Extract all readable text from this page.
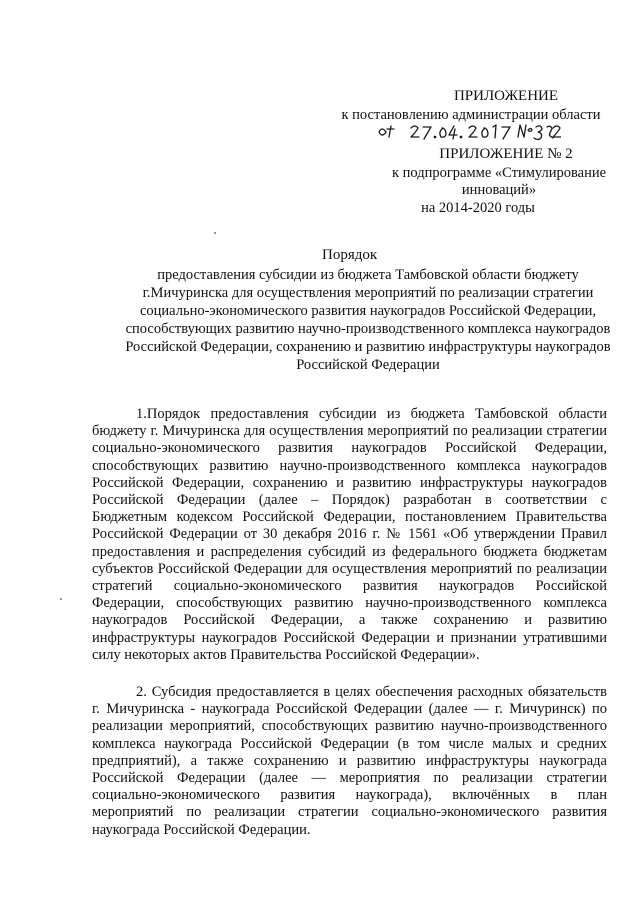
ПРИЛОЖЕНИЕ
к постановлению администрации области
ПРИЛОЖЕНИЕ № 2
к подпрограмме «Стимулирование инноваций»
на 2014-2020 годы
Порядок
предоставления субсидии из бюджета Тамбовской области бюджету г.Мичуринска для осуществления мероприятий по реализации стратегии социально-экономического развития наукоградов Российской Федерации, способствующих развитию научно-производственного комплекса наукоградов Российской Федерации, сохранению и развитию инфраструктуры наукоградов Российской Федерации

1.Порядок предоставления субсидии из бюджета Тамбовской области бюджету г. Мичуринска для осуществления мероприятий по реализации стратегии социально-экономического развития наукоградов Российской Федерации, способствующих развитию научно-производственного комплекса наукоградов Российской Федерации, сохранению и развитию инфраструктуры наукоградов Российской Федерации (далее – Порядок) разработан в соответствии с Бюджетным кодексом Российской Федерации, постановлением Правительства Российской Федерации от 30 декабря 2016 г. № 1561 «Об утверждении Правил предоставления и распределения субсидий из федерального бюджета бюджетам субъектов Российской Федерации для осуществления мероприятий по реализации стратегий социально-экономического развития наукоградов Российской Федерации, способствующих развитию научно-производственного комплекса наукоградов Российской Федерации, а также сохранению и развитию инфраструктуры наукоградов Российской Федерации и признании утратившими силу некоторых актов Правительства Российской Федерации».

2. Субсидия предоставляется в целях обеспечения расходных обязательств г. Мичуринска - наукограда Российской Федерации (далее — г. Мичуринск) по реализации мероприятий, способствующих развитию научно-производственного комплекса наукограда Российской Федерации (в том числе малых и средних предприятий), а также сохранению и развитию инфраструктуры наукограда Российской Федерации (далее — мероприятия по реализации стратегии социально-экономического развития наукограда), включённых в план мероприятий по реализации стратегии социально-экономического развития наукограда Российской Федерации.
